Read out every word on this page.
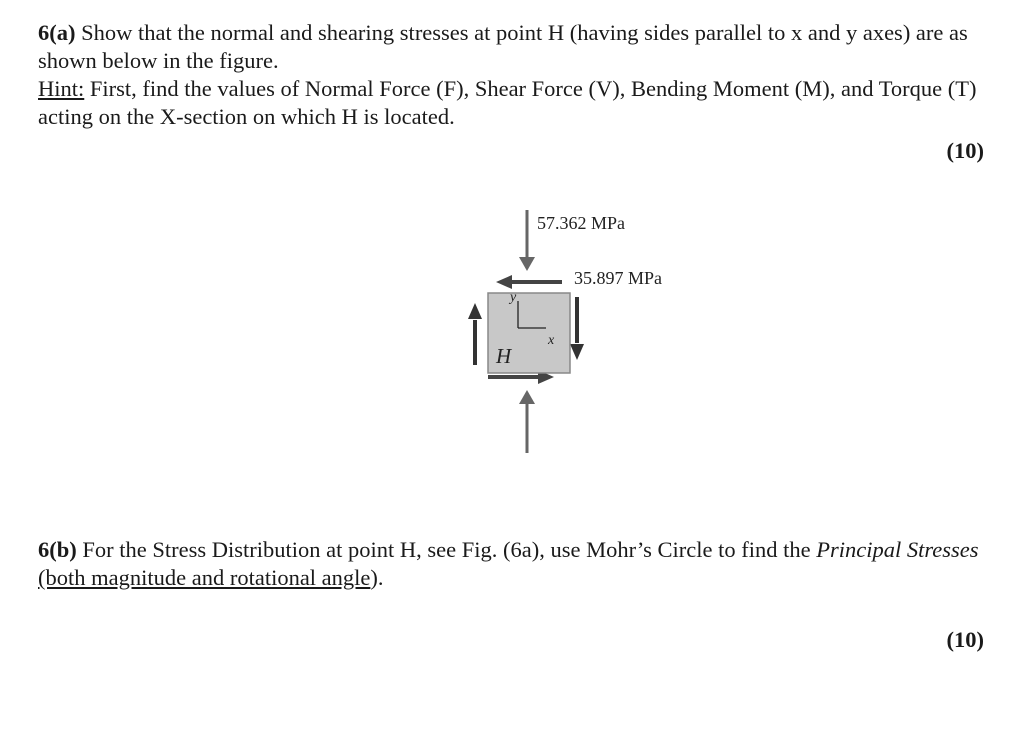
6(a) Show that the normal and shearing stresses at point H (having sides parallel to x and y axes) are as shown below in the figure.
Hint: First, find the values of Normal Force (F), Shear Force (V), Bending Moment (M), and Torque (T) acting on the X-section on which H is located.

(10)
57.362 MPa
35.897 MPa
y
x
H

6(b) For the Stress Distribution at point H, see Fig. (6a), use Mohr’s Circle to find the Principal Stresses (both magnitude and rotational angle).

(10)
